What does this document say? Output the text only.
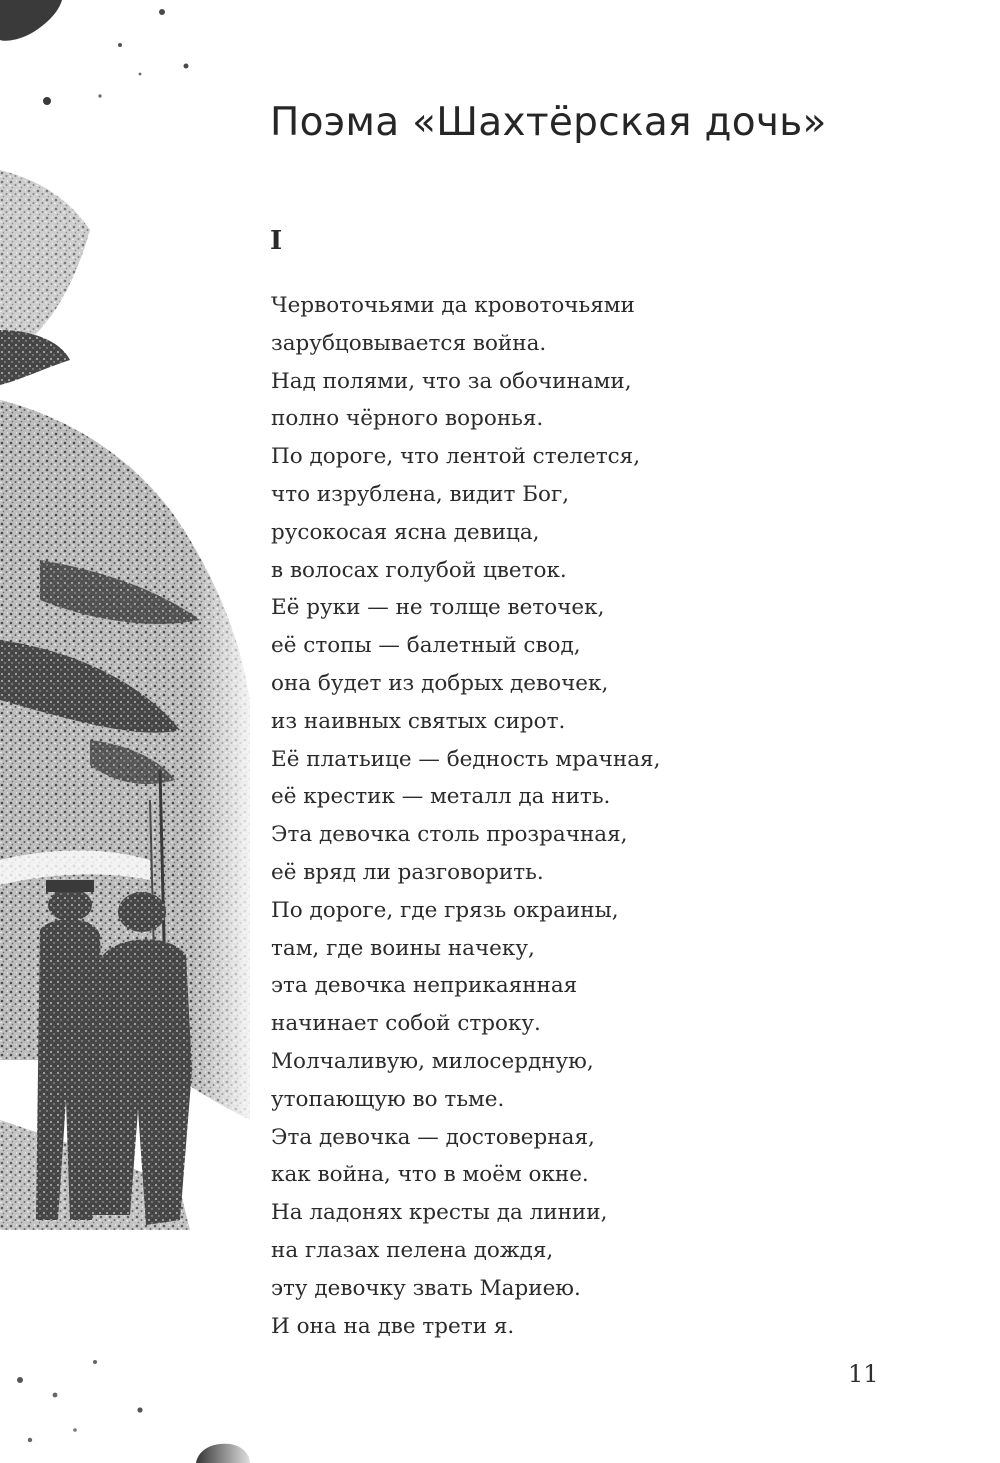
Поэма «Шахтёрская дочь»
I
Червоточьями да кровоточьями
зарубцовывается война.
Над полями, что за обочинами,
полно чёрного воронья.
По дороге, что лентой стелется,
что изрублена, видит Бог,
русокосая ясна девица,
в волосах голубой цветок.
Её руки — не толще веточек,
её стопы — балетный свод,
она будет из добрых девочек,
из наивных святых сирот.
Её платьице — бедность мрачная,
её крестик — металл да нить.
Эта девочка столь прозрачная,
её вряд ли разговорить.
По дороге, где грязь окраины,
там, где воины начеку,
эта девочка неприкаянная
начинает собой строку.
Молчаливую, милосердную,
утопающую во тьме.
Эта девочка — достоверная,
как война, что в моём окне.
На ладонях кресты да линии,
на глазах пелена дождя,
эту девочку звать Мариею.
И она на две трети я.
11
